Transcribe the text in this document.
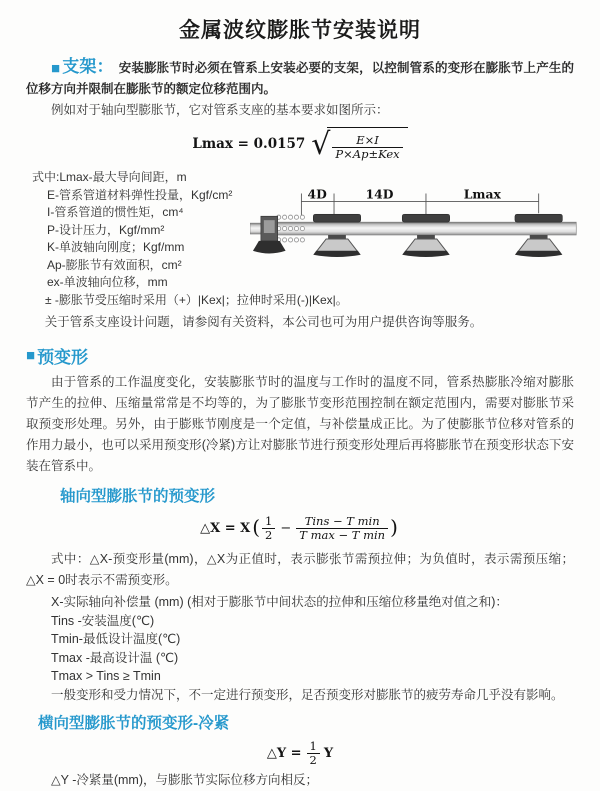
金属波纹膨胀节安装说明

■ 支架： 安装膨胀节时必须在管系上安装必要的支架，以控制管系的变形在膨胀节上产生的位移方向并限制在膨胀节的额定位移范围内。

例如对于轴向型膨胀节，它对管系支座的基本要求如图所示：

Lmax = 0.0157 √ $\frac{E\times I}{\text{P×Ap±Kex}}$
式中:Lmax-最大导向间距，m
E-管系管道材料弹性投量，Kgf/cm²
I-管系管道的惯性矩，cm⁴
P-设计压力，Kgf/mm²
K-单波轴向刚度；Kgf/mm
Ap-膨胀节有效面积，cm²
ex-单波轴向位移，mm
± -膨胀节受压缩时采用（+）|Kex|；拉伸时采用(-)|Kex|。
4D	14D	Lmax

关于管系支座设计问题，请参阅有关资料，本公司也可为用户提供咨询等服务。

■ 预变形

由于管系的工作温度变化，安装膨胀节时的温度与工作时的温度不同，管系热膨胀冷缩对膨胀节产生的拉伸、压缩量常常是不均等的，为了膨胀节变形范围控制在额定范围内，需要对膨胀节采取预变形处理。另外，由于膨账节刚度是一个定值，与补偿量成正比。为了使膨胀节位移对管系的作用力最小，也可以采用预变形(冷紧)方让对膨胀节进行预变形处理后再将膨胀节在预变形状态下安装在管系中。

轴向型膨胀节的预变形
△X = X ( $\frac{1}{2} - \frac{\text{Tins − T min}}{\text{T max − T min}}$ )

式中：△X-预变形量(mm)，△X为正值时，表示膨张节需预拉伸；为负值时，表示需预压缩；△X = 0时表示不需预变形。

X-实际轴向补偿量 (mm) (相对于膨胀节中间状态的拉伸和压缩位移量绝对值之和)：
Tins -安装温度(℃)
Tmin-最低设计温度(℃)
Tmax -最高设计温 (℃)
Tmax > Tins ≥ Tmin
一般变形和受力情况下，不一定进行预变形，足否预变形对膨胀节的疲劳寿命几乎没有影响。
横向型膨胀节的预变形-冷紧
△Y = $\frac{1}{2}$ Y

△Y -冷紧量(mm)，与膨胀节实际位移方向相反；
